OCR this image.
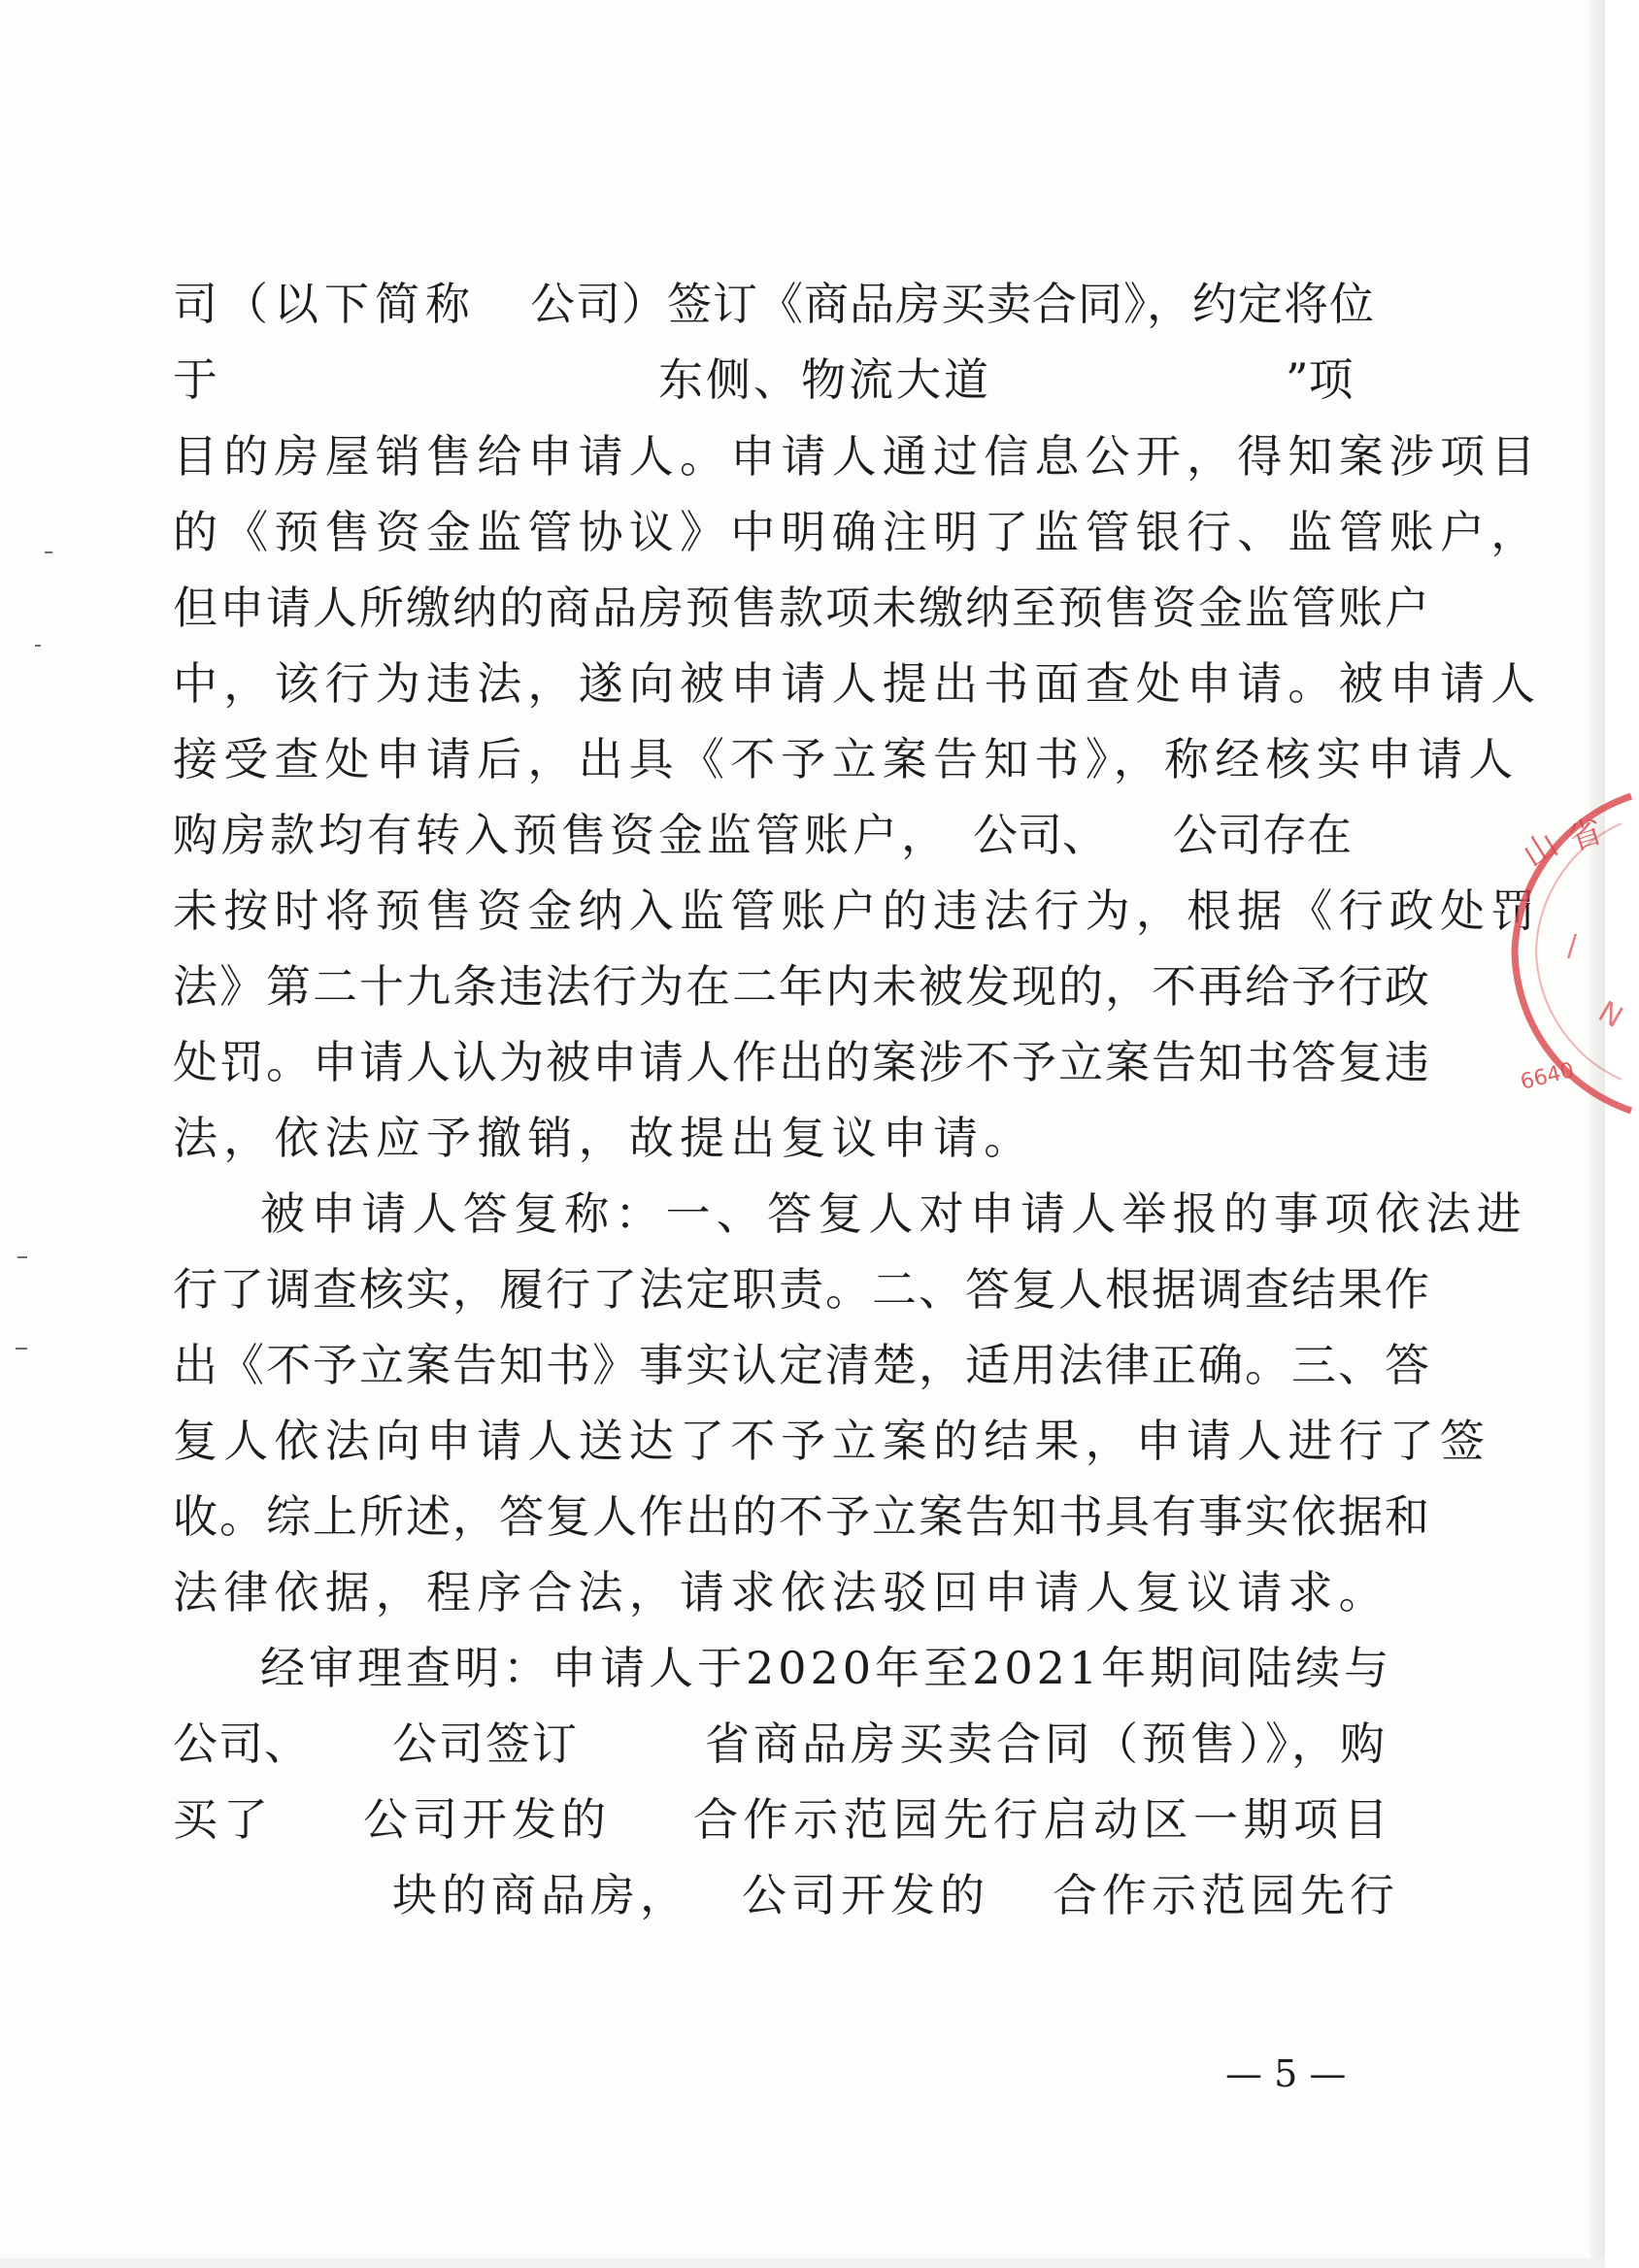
司（以下简称 公司）签订《商品房买卖合同》，约定将位
于	东侧、物流大道	”项
目的房屋销售给申请人。申请人通过信息公开，得知案涉项目
的《预售资金监管协议》中明确注明了监管银行、监管账户，
但申请人所缴纳的商品房预售款项未缴纳至预售资金监管账户
中，该行为违法，遂向被申请人提出书面查处申请。被申请人
接受查处申请后，出具《不予立案告知书》，称经核实申请人
购房款均有转入预售资金监管账户， 公司、 公司存在
未按时将预售资金纳入监管账户的违法行为，根据《行政处罚
法》第二十九条违法行为在二年内未被发现的，不再给予行政
处罚。申请人认为被申请人作出的案涉不予立案告知书答复违
法，依法应予撤销，故提出复议申请。
被申请人答复称：一、答复人对申请人举报的事项依法进
行了调查核实，履行了法定职责。二、答复人根据调查结果作
出《不予立案告知书》事实认定清楚，适用法律正确。三、答
复人依法向申请人送达了不予立案的结果，申请人进行了签
收。综上所述，答复人作出的不予立案告知书具有事实依据和
法律依据，程序合法，请求依法驳回申请人复议请求。
经审理查明：申请人于2020年至2021年期间陆续与
公司、 公司签订	省商品房买卖合同（预售）》，购
买了 公司开发的 合作示范园先行启动区一期项目
块的商品房， 公司开发的 合作示范园先行
山
省
/
N
6640
— 5 —
